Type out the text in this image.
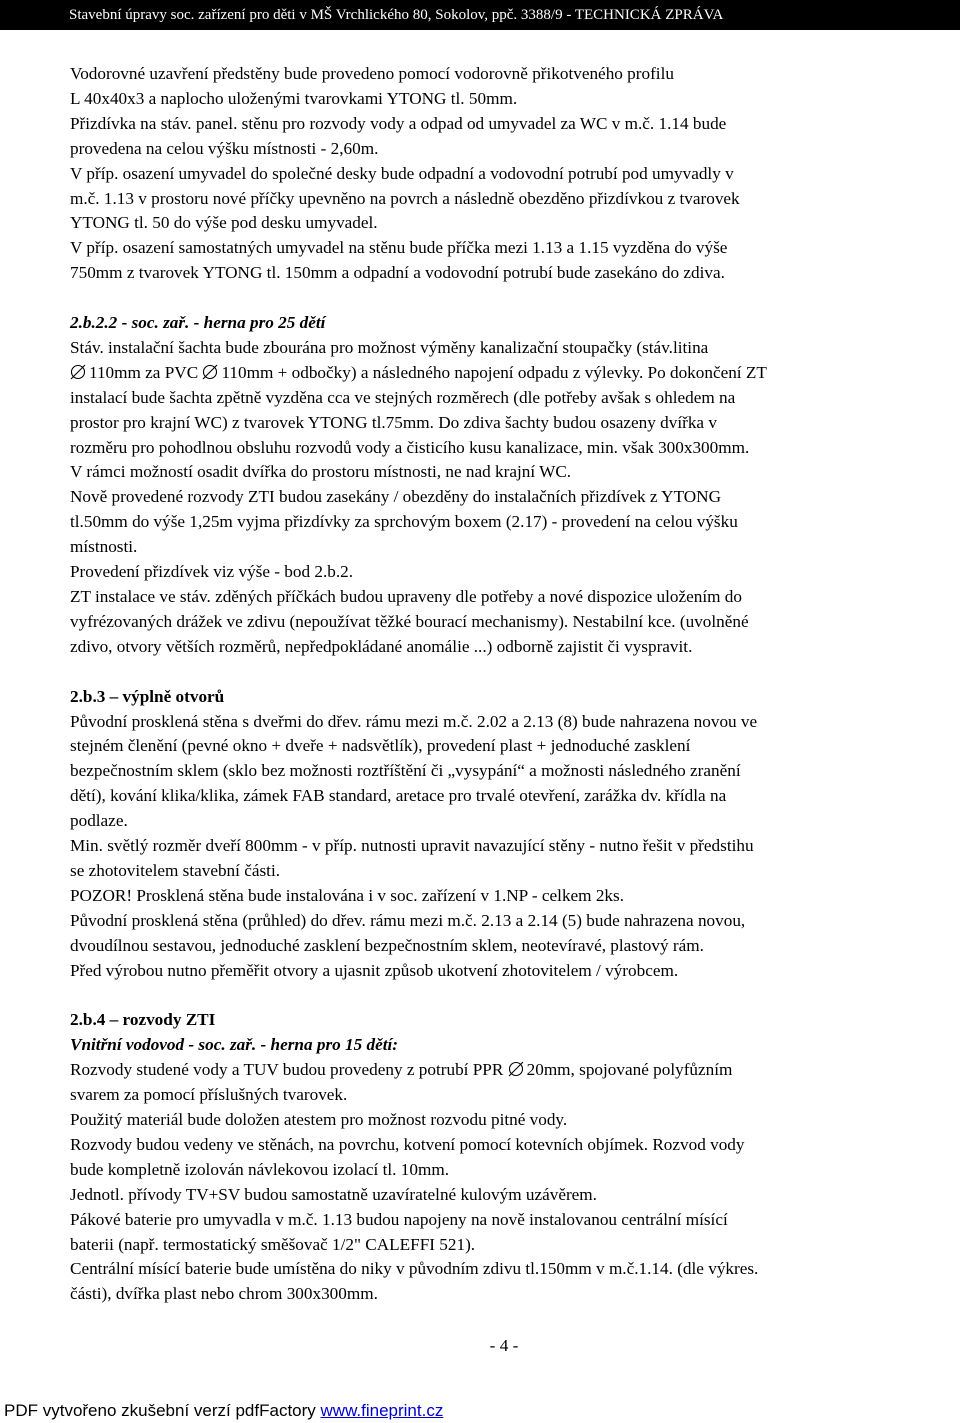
Stavební úpravy soc. zařízení pro děti v MŠ Vrchlického 80, Sokolov, ppč. 3388/9 - TECHNICKÁ ZPRÁVA

Vodorovné uzavření předstěny bude provedeno pomocí vodorovně přikotveného profilu

L 40x40x3 a naplocho uloženými tvarovkami YTONG tl. 50mm.

Přizdívka na stáv. panel. stěnu pro rozvody vody a odpad od umyvadel za WC v m.č. 1.14 bude

provedena na celou výšku místnosti - 2,60m.

V příp. osazení umyvadel do společné desky bude odpadní a vodovodní potrubí pod umyvadly v

m.č. 1.13 v prostoru nové příčky upevněno na povrch a následně obezděno přizdívkou z tvarovek

YTONG tl. 50 do výše pod desku umyvadel.

V příp. osazení samostatných umyvadel na stěnu bude příčka mezi 1.13 a 1.15 vyzděna do výše

750mm z tvarovek YTONG tl. 150mm a odpadní a vodovodní potrubí bude zasekáno do zdiva.

2.b.2.2 - soc. zař. - herna pro 25 dětí

Stáv. instalační šachta bude zbourána pro možnost výměny kanalizační stoupačky (stáv.litina

110mm za PVC
110mm + odbočky) a následného napojení odpadu z výlevky. Po dokončení ZT

instalací bude šachta zpětně vyzděna cca ve stejných rozměrech (dle potřeby avšak s ohledem na

prostor pro krajní WC) z tvarovek YTONG tl.75mm. Do zdiva šachty budou osazeny dvířka v

rozměru pro pohodlnou obsluhu rozvodů vody a čisticího kusu kanalizace, min. však 300x300mm.

V rámci možností osadit dvířka do prostoru místnosti, ne nad krajní WC.

Nově provedené rozvody ZTI budou zasekány / obezděny do instalačních přizdívek z YTONG

tl.50mm do výše 1,25m vyjma přizdívky za sprchovým boxem (2.17) - provedení na celou výšku

místnosti.

Provedení přizdívek viz výše - bod 2.b.2.

ZT instalace ve stáv. zděných příčkách budou upraveny dle potřeby a nové dispozice uložením do

vyfrézovaných drážek ve zdivu (nepoužívat těžké bourací mechanismy). Nestabilní kce. (uvolněné

zdivo, otvory větších rozměrů, nepředpokládané anomálie ...) odborně zajistit či vyspravit.

2.b.3 – výplně otvorů

Původní prosklená stěna s dveřmi do dřev. rámu mezi m.č. 2.02 a 2.13 (8) bude nahrazena novou ve

stejném členění (pevné okno + dveře + nadsvětlík), provedení plast + jednoduché zasklení

bezpečnostním sklem (sklo bez možnosti roztříštění či „vysypání“ a možnosti následného zranění

dětí), kování klika/klika, zámek FAB standard, aretace pro trvalé otevření, zarážka dv. křídla na

podlaze.

Min. světlý rozměr dveří 800mm - v příp. nutnosti upravit navazující stěny - nutno řešit v předstihu

se zhotovitelem stavební části.

POZOR! Prosklená stěna bude instalována i v soc. zařízení v 1.NP - celkem 2ks.

Původní prosklená stěna (průhled) do dřev. rámu mezi m.č. 2.13 a 2.14 (5) bude nahrazena novou,

dvoudílnou sestavou, jednoduché zasklení bezpečnostním sklem, neotevíravé, plastový rám.

Před výrobou nutno přeměřit otvory a ujasnit způsob ukotvení zhotovitelem / výrobcem.

2.b.4 – rozvody ZTI

Vnitřní vodovod - soc. zař. - herna pro 15 dětí:

Rozvody studené vody a TUV budou provedeny z potrubí PPR
20mm, spojované polyfůzním

svarem za pomocí příslušných tvarovek.

Použitý materiál bude doložen atestem pro možnost rozvodu pitné vody.

Rozvody budou vedeny ve stěnách, na povrchu, kotvení pomocí kotevních objímek. Rozvod vody

bude kompletně izolován návlekovou izolací tl. 10mm.

Jednotl. přívody TV+SV budou samostatně uzavíratelné kulovým uzávěrem.

Pákové baterie pro umyvadla v m.č. 1.13 budou napojeny na nově instalovanou centrální mísící

baterii (např. termostatický směšovač 1/2" CALEFFI 521).

Centrální mísící baterie bude umístěna do niky v původním zdivu tl.150mm v m.č.1.14. (dle výkres.

části), dvířka plast nebo chrom 300x300mm.

- 4 -
PDF vytvořeno zkušební verzí pdfFactory www.fineprint.cz
